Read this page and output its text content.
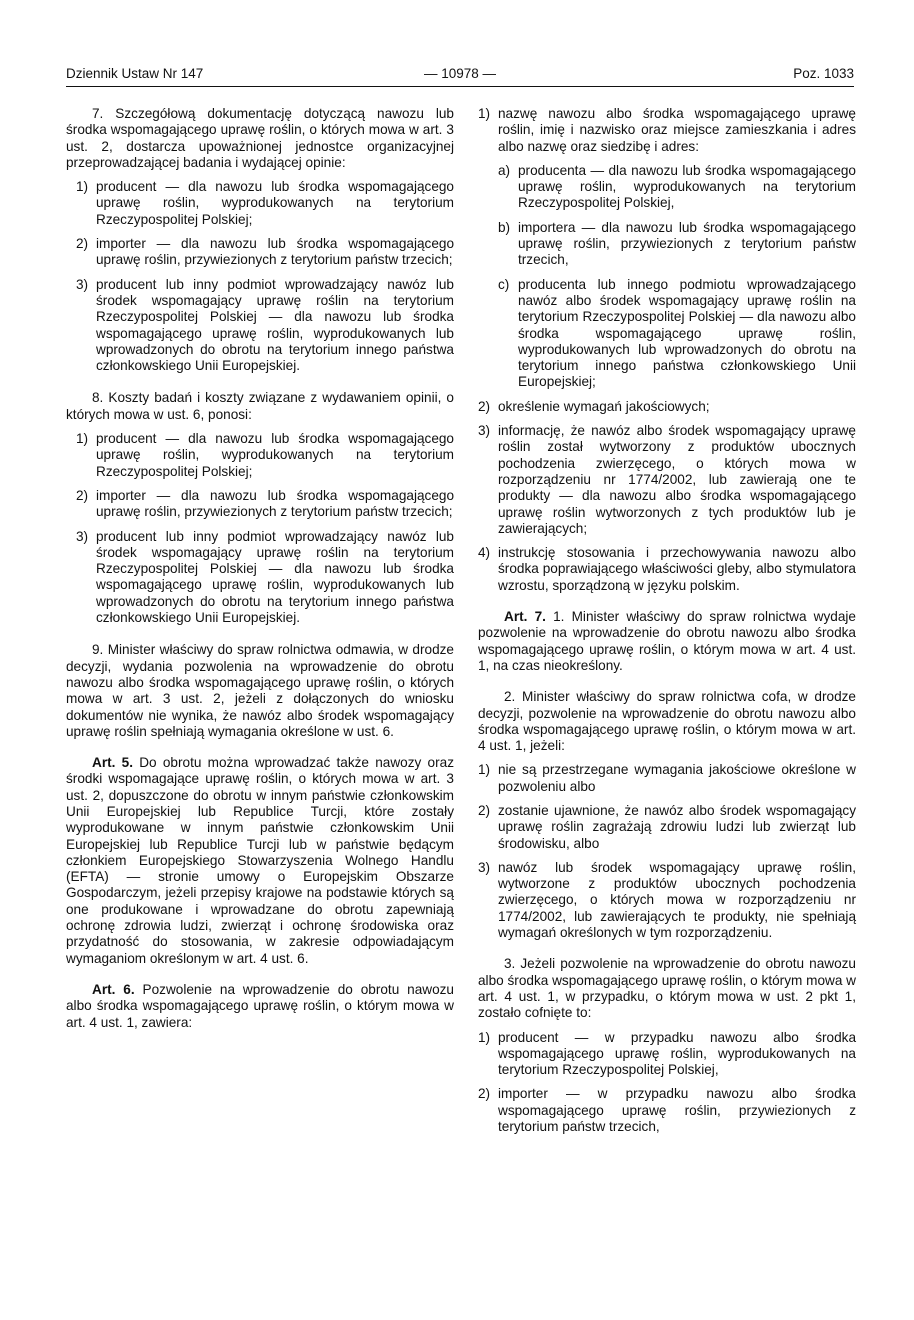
Dziennik Ustaw Nr 147	— 10978 —	Poz. 1033

7. Szczegółową dokumentację dotyczącą nawozu lub środka wspomagającego uprawę roślin, o których mowa w art. 3 ust. 2, dostarcza upoważnionej jednostce organizacyjnej przeprowadzającej badania i wydającej opinie:

1) producent — dla nawozu lub środka wspomagającego uprawę roślin, wyprodukowanych na terytorium Rzeczypospolitej Polskiej;
2) importer — dla nawozu lub środka wspomagającego uprawę roślin, przywiezionych z terytorium państw trzecich;
3) producent lub inny podmiot wprowadzający nawóz lub środek wspomagający uprawę roślin na terytorium Rzeczypospolitej Polskiej — dla nawozu lub środka wspomagającego uprawę roślin, wyprodukowanych lub wprowadzonych do obrotu na terytorium innego państwa członkowskiego Unii Europejskiej.

8. Koszty badań i koszty związane z wydawaniem opinii, o których mowa w ust. 6, ponosi:

1) producent — dla nawozu lub środka wspomagającego uprawę roślin, wyprodukowanych na terytorium Rzeczypospolitej Polskiej;
2) importer — dla nawozu lub środka wspomagającego uprawę roślin, przywiezionych z terytorium państw trzecich;
3) producent lub inny podmiot wprowadzający nawóz lub środek wspomagający uprawę roślin na terytorium Rzeczypospolitej Polskiej — dla nawozu lub środka wspomagającego uprawę roślin, wyprodukowanych lub wprowadzonych do obrotu na terytorium innego państwa członkowskiego Unii Europejskiej.

9. Minister właściwy do spraw rolnictwa odmawia, w drodze decyzji, wydania pozwolenia na wprowadzenie do obrotu nawozu albo środka wspomagającego uprawę roślin, o których mowa w art. 3 ust. 2, jeżeli z dołączonych do wniosku dokumentów nie wynika, że nawóz albo środek wspomagający uprawę roślin spełniają wymagania określone w ust. 6.

Art. 5. Do obrotu można wprowadzać także nawozy oraz środki wspomagające uprawę roślin, o których mowa w art. 3 ust. 2, dopuszczone do obrotu w innym państwie członkowskim Unii Europejskiej lub Republice Turcji, które zostały wyprodukowane w innym państwie członkowskim Unii Europejskiej lub Republice Turcji lub w państwie będącym członkiem Europejskiego Stowarzyszenia Wolnego Handlu (EFTA) — stronie umowy o Europejskim Obszarze Gospodarczym, jeżeli przepisy krajowe na podstawie których są one produkowane i wprowadzane do obrotu zapewniają ochronę zdrowia ludzi, zwierząt i ochronę środowiska oraz przydatność do stosowania, w zakresie odpowiadającym wymaganiom określonym w art. 4 ust. 6.

Art. 6. Pozwolenie na wprowadzenie do obrotu nawozu albo środka wspomagającego uprawę roślin, o którym mowa w art. 4 ust. 1, zawiera:

1) nazwę nawozu albo środka wspomagającego uprawę roślin, imię i nazwisko oraz miejsce zamieszkania i adres albo nazwę oraz siedzibę i adres:
a) producenta — dla nawozu lub środka wspomagającego uprawę roślin, wyprodukowanych na terytorium Rzeczypospolitej Polskiej,
b) importera — dla nawozu lub środka wspomagającego uprawę roślin, przywiezionych z terytorium państw trzecich,
c) producenta lub innego podmiotu wprowadzającego nawóz albo środek wspomagający uprawę roślin na terytorium Rzeczypospolitej Polskiej — dla nawozu albo środka wspomagającego uprawę roślin, wyprodukowanych lub wprowadzonych do obrotu na terytorium innego państwa członkowskiego Unii Europejskiej;
2) określenie wymagań jakościowych;
3) informację, że nawóz albo środek wspomagający uprawę roślin został wytworzony z produktów ubocznych pochodzenia zwierzęcego, o których mowa w rozporządzeniu nr 1774/2002, lub zawierają one te produkty — dla nawozu albo środka wspomagającego uprawę roślin wytworzonych z tych produktów lub je zawierających;
4) instrukcję stosowania i przechowywania nawozu albo środka poprawiającego właściwości gleby, albo stymulatora wzrostu, sporządzoną w języku polskim.

Art. 7. 1. Minister właściwy do spraw rolnictwa wydaje pozwolenie na wprowadzenie do obrotu nawozu albo środka wspomagającego uprawę roślin, o którym mowa w art. 4 ust. 1, na czas nieokreślony.

2. Minister właściwy do spraw rolnictwa cofa, w drodze decyzji, pozwolenie na wprowadzenie do obrotu nawozu albo środka wspomagającego uprawę roślin, o którym mowa w art. 4 ust. 1, jeżeli:

1) nie są przestrzegane wymagania jakościowe określone w pozwoleniu albo
2) zostanie ujawnione, że nawóz albo środek wspomagający uprawę roślin zagrażają zdrowiu ludzi lub zwierząt lub środowisku, albo
3) nawóz lub środek wspomagający uprawę roślin, wytworzone z produktów ubocznych pochodzenia zwierzęcego, o których mowa w rozporządzeniu nr 1774/2002, lub zawierających te produkty, nie spełniają wymagań określonych w tym rozporządzeniu.

3. Jeżeli pozwolenie na wprowadzenie do obrotu nawozu albo środka wspomagającego uprawę roślin, o którym mowa w art. 4 ust. 1, w przypadku, o którym mowa w ust. 2 pkt 1, zostało cofnięte to:

1) producent — w przypadku nawozu albo środka wspomagającego uprawę roślin, wyprodukowanych na terytorium Rzeczypospolitej Polskiej,
2) importer — w przypadku nawozu albo środka wspomagającego uprawę roślin, przywiezionych z terytorium państw trzecich,
